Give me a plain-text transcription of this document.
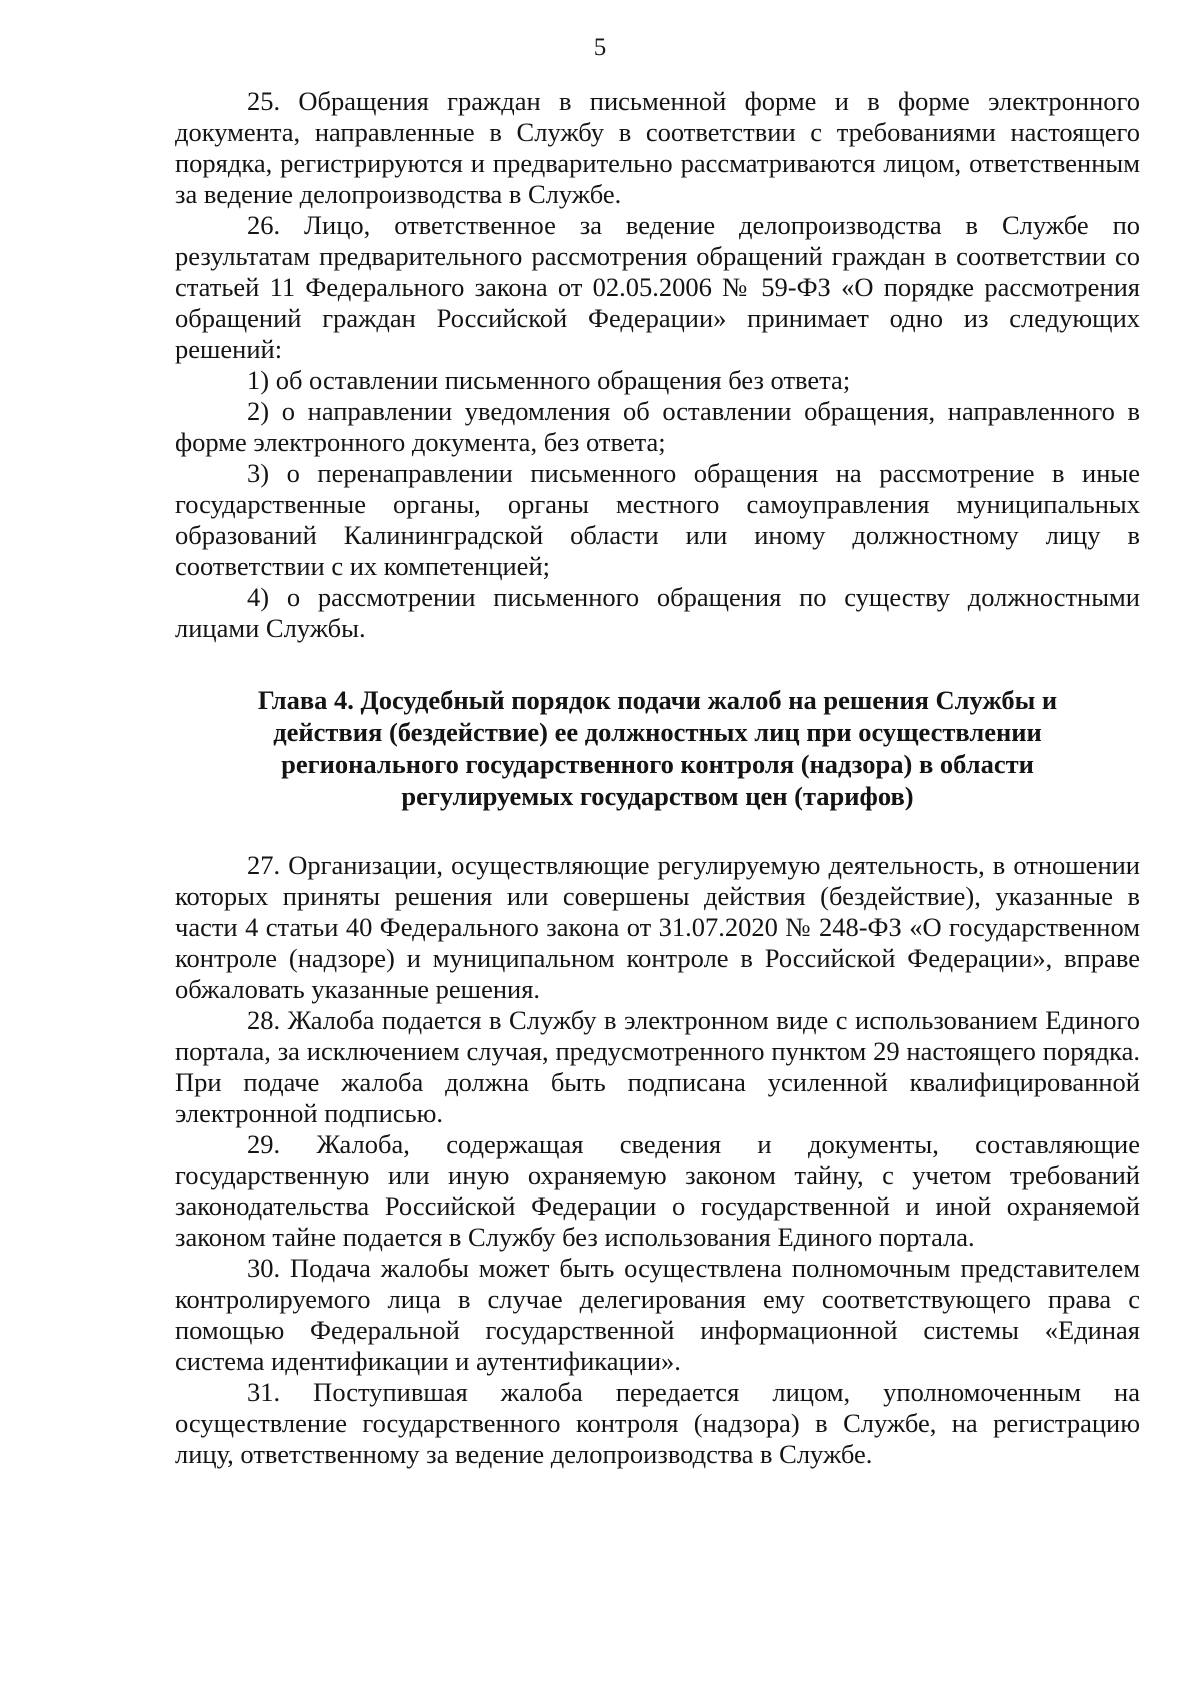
5

25. Обращения граждан в письменной форме и в форме электронного документа, направленные в Службу в соответствии с требованиями настоящего порядка, регистрируются и предварительно рассматриваются лицом, ответственным за ведение делопроизводства в Службе.

26. Лицо, ответственное за ведение делопроизводства в Службе по результатам предварительного рассмотрения обращений граждан в соответствии со статьей 11 Федерального закона от 02.05.2006 № 59-ФЗ «О порядке рассмотрения обращений граждан Российской Федерации» принимает одно из следующих решений:

1) об оставлении письменного обращения без ответа;

2) о направлении уведомления об оставлении обращения, направленного в форме электронного документа, без ответа;

3) о перенаправлении письменного обращения на рассмотрение в иные государственные органы, органы местного самоуправления муниципальных образований Калининградской области или иному должностному лицу в соответствии с их компетенцией;

4) о рассмотрении письменного обращения по существу должностными лицами Службы.

Глава 4. Досудебный порядок подачи жалоб на решения Службы и
действия (бездействие) ее должностных лиц при осуществлении
регионального государственного контроля (надзора) в области
регулируемых государством цен (тарифов)

27. Организации, осуществляющие регулируемую деятельность, в отношении которых приняты решения или совершены действия (бездействие), указанные в части 4 статьи 40 Федерального закона от 31.07.2020 № 248-ФЗ «О государственном контроле (надзоре) и муниципальном контроле в Российской Федерации», вправе обжаловать указанные решения.

28. Жалоба подается в Службу в электронном виде с использованием Единого портала, за исключением случая, предусмотренного пунктом 29 настоящего порядка. При подаче жалоба должна быть подписана усиленной квалифицированной электронной подписью.

29. Жалоба, содержащая сведения и документы, составляющие государственную или иную охраняемую законом тайну, с учетом требований законодательства Российской Федерации о государственной и иной охраняемой законом тайне подается в Службу без использования Единого портала.

30. Подача жалобы может быть осуществлена полномочным представителем контролируемого лица в случае делегирования ему соответствующего права с помощью Федеральной государственной информационной системы «Единая система идентификации и аутентификации».

31. Поступившая жалоба передается лицом, уполномоченным на осуществление государственного контроля (надзора) в Службе, на регистрацию лицу, ответственному за ведение делопроизводства в Службе.
